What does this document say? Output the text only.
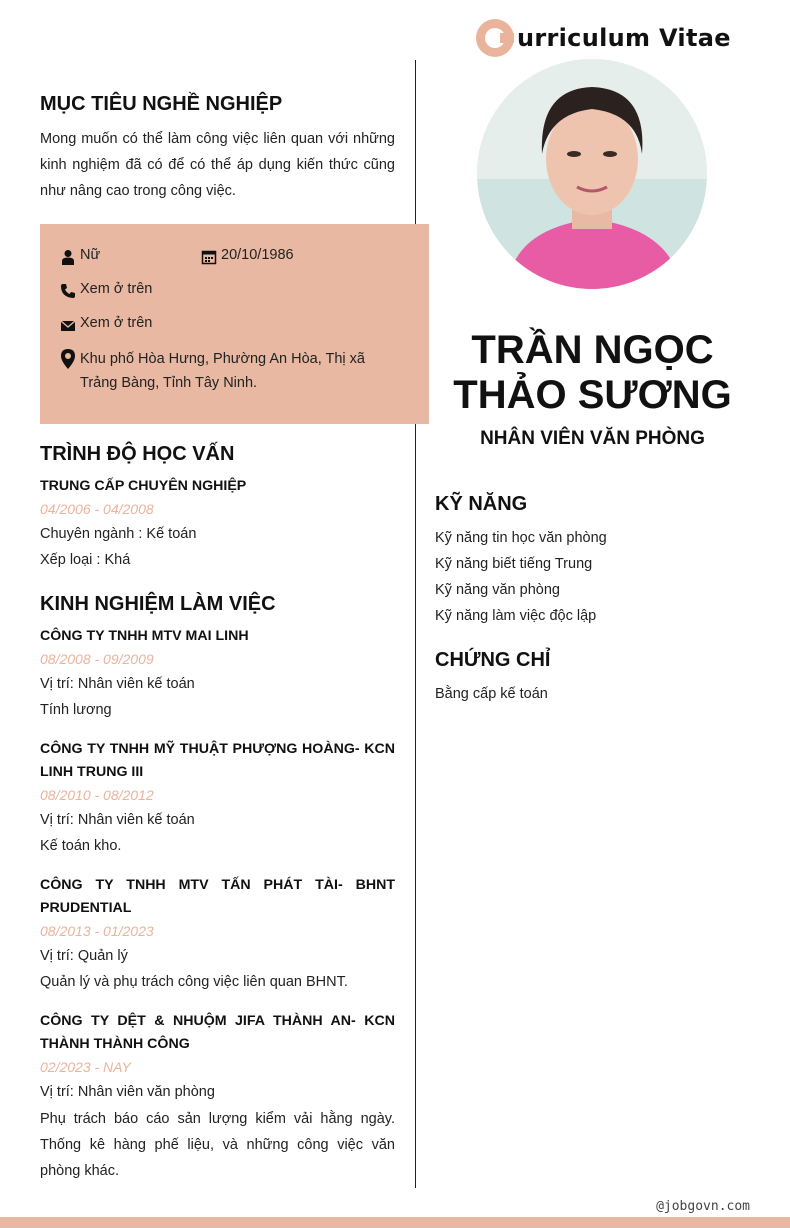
urriculum Vitae
MỤC TIÊU NGHỀ NGHIỆP
Mong muốn có thể làm công việc liên quan với những kinh nghiệm đã có để có thể áp dụng kiến thức cũng như nâng cao trong công việc.
Nữ	20/10/1986
Xem ở trên
Xem ở trên
Khu phố Hòa Hưng, Phường An Hòa, Thị xã Trảng Bàng, Tỉnh Tây Ninh.
TRÌNH ĐỘ HỌC VẤN
TRUNG CẤP CHUYÊN NGHIỆP
04/2006 - 04/2008
Chuyên ngành : Kế toán
Xếp loại : Khá
KINH NGHIỆM LÀM VIỆC
CÔNG TY TNHH MTV MAI LINH
08/2008 - 09/2009
Vị trí: Nhân viên kế toán
Tính lương
CÔNG TY TNHH MỸ THUẬT PHƯỢNG HOÀNG- KCN LINH TRUNG III
08/2010 - 08/2012
Vị trí: Nhân viên kế toán
Kế toán kho.
CÔNG TY TNHH MTV TẤN PHÁT TÀI- BHNT PRUDENTIAL
08/2013 - 01/2023
Vị trí: Quản lý
Quản lý và phụ trách công việc liên quan BHNT.
CÔNG TY DỆT & NHUỘM JIFA THÀNH AN- KCN THÀNH THÀNH CÔNG
02/2023 - NAY
Vị trí: Nhân viên văn phòng
Phụ trách báo cáo sản lượng kiểm vải hằng ngày. Thống kê hàng phế liệu, và những công việc văn phòng khác.
TRẦN NGỌC
THẢO SƯƠNG
NHÂN VIÊN VĂN PHÒNG
KỸ NĂNG
Kỹ năng tin học văn phòng
Kỹ năng biết tiếng Trung
Kỹ năng văn phòng
Kỹ năng làm việc độc lập
CHỨNG CHỈ
Bằng cấp kế toán
@jobgovn.com
